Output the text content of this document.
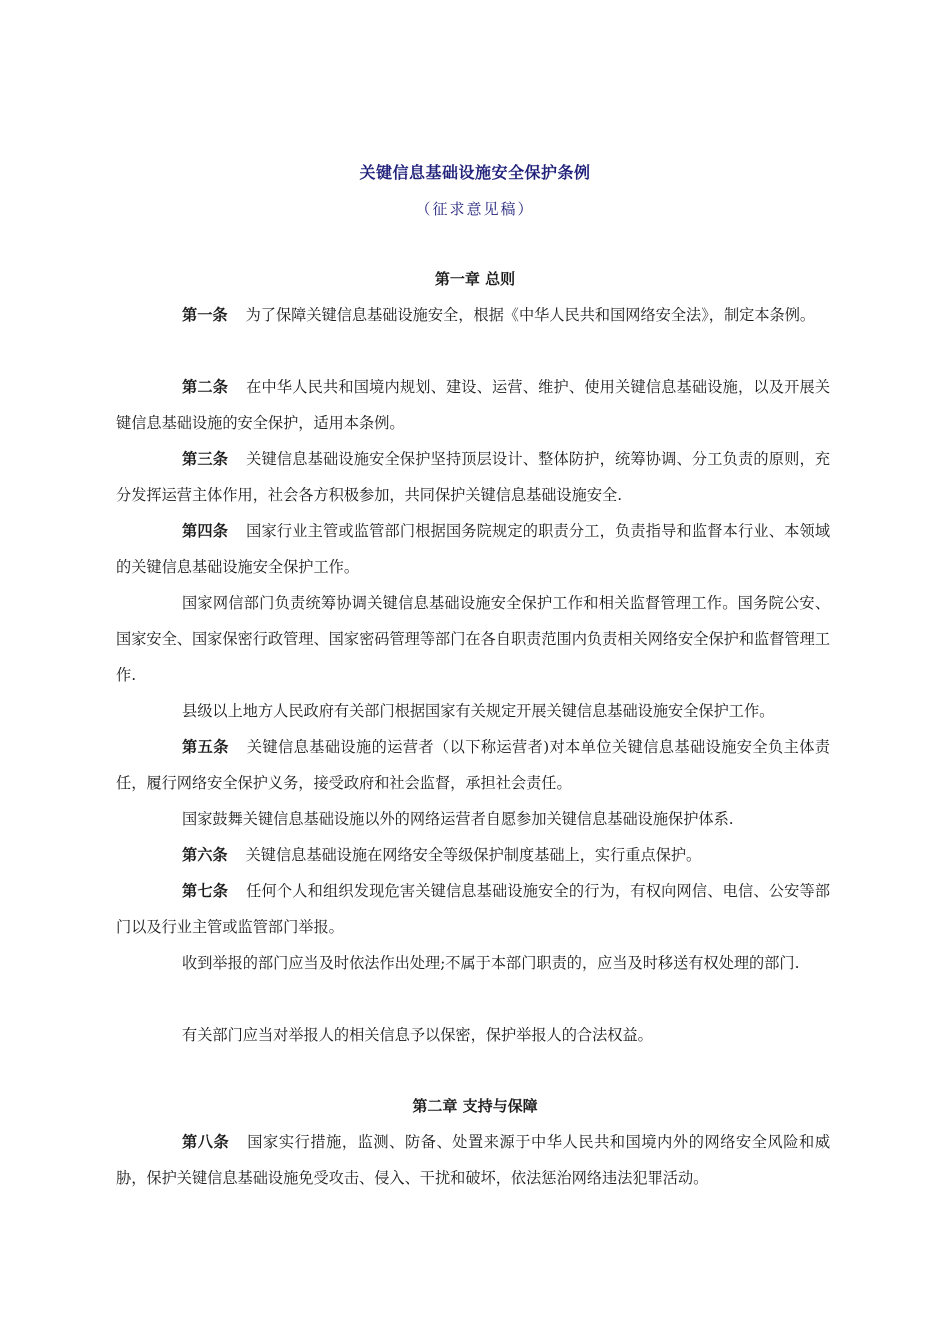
关键信息基础设施安全保护条例
（征求意见稿）
第一章 总则

第一条 为了保障关键信息基础设施安全，根据《中华人民共和国网络安全法》，制定本条例。

第二条 在中华人民共和国境内规划、建设、运营、维护、使用关键信息基础设施，以及开展关键信息基础设施的安全保护，适用本条例。

第三条 关键信息基础设施安全保护坚持顶层设计、整体防护，统筹协调、分工负责的原则，充分发挥运营主体作用，社会各方积极参加，共同保护关键信息基础设施安全.

第四条 国家行业主管或监管部门根据国务院规定的职责分工，负责指导和监督本行业、本领域的关键信息基础设施安全保护工作。

国家网信部门负责统筹协调关键信息基础设施安全保护工作和相关监督管理工作。国务院公安、国家安全、国家保密行政管理、国家密码管理等部门在各自职责范围内负责相关网络安全保护和监督管理工作.

县级以上地方人民政府有关部门根据国家有关规定开展关键信息基础设施安全保护工作。

第五条 关键信息基础设施的运营者（以下称运营者)对本单位关键信息基础设施安全负主体责任，履行网络安全保护义务，接受政府和社会监督，承担社会责任。

国家鼓舞关键信息基础设施以外的网络运营者自愿参加关键信息基础设施保护体系.

第六条 关键信息基础设施在网络安全等级保护制度基础上，实行重点保护。

第七条 任何个人和组织发现危害关键信息基础设施安全的行为，有权向网信、电信、公安等部门以及行业主管或监管部门举报。

收到举报的部门应当及时依法作出处理;不属于本部门职责的，应当及时移送有权处理的部门.

有关部门应当对举报人的相关信息予以保密，保护举报人的合法权益。

第二章 支持与保障

第八条 国家实行措施，监测、防备、处置来源于中华人民共和国境内外的网络安全风险和威胁，保护关键信息基础设施免受攻击、侵入、干扰和破坏，依法惩治网络违法犯罪活动。
